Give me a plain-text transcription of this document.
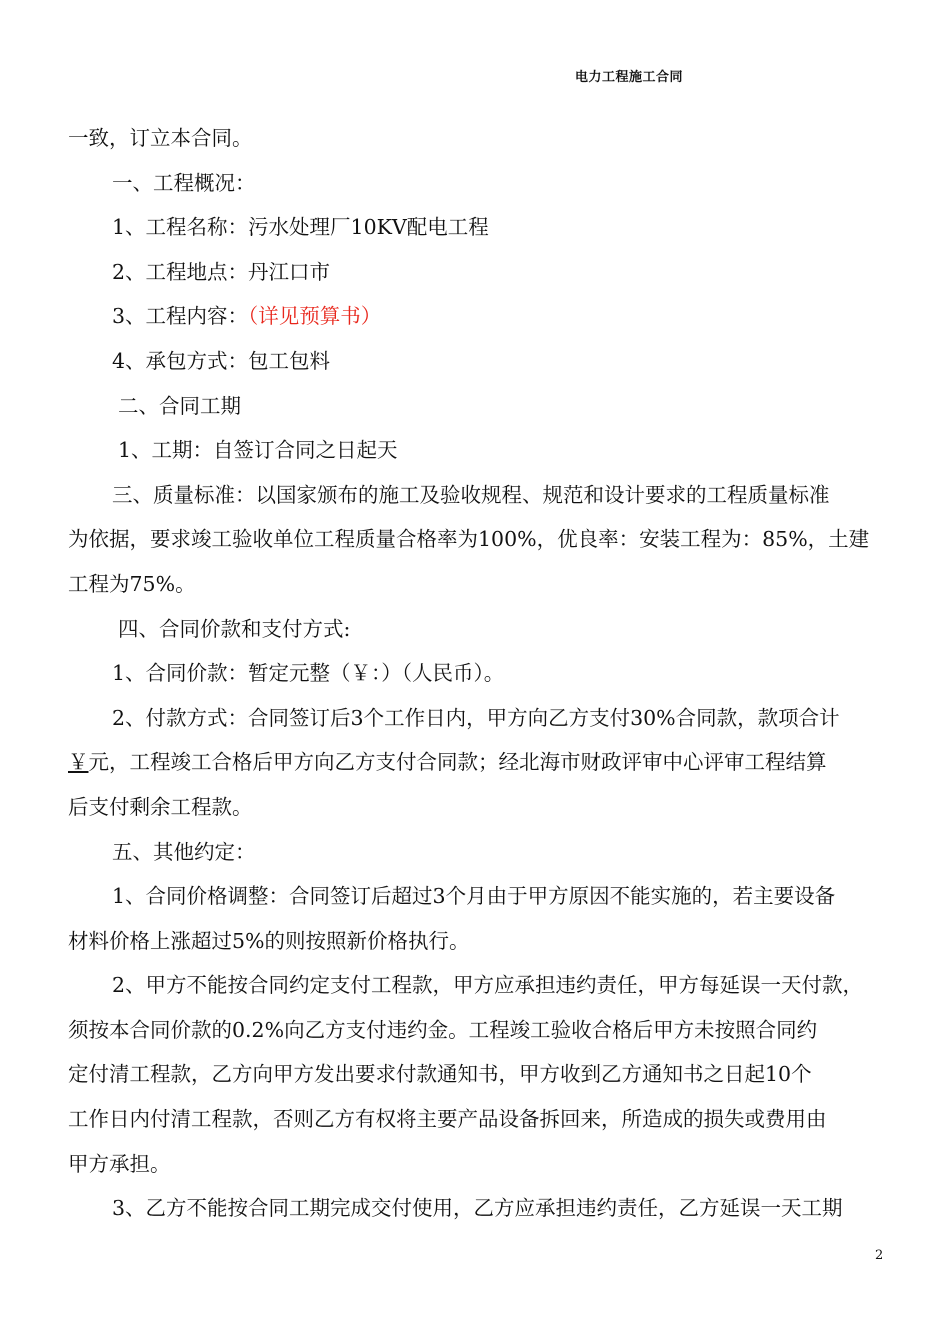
电力工程施工合同
一致，订立本合同。
一、工程概况：
1、工程名称：污水处理厂10KV配电工程
2、工程地点：丹江口市
3、工程内容：（详见预算书）
4、承包方式：包工包料
二、合同工期
1、工期：自签订合同之日起天
三、质量标准：以国家颁布的施工及验收规程、规范和设计要求的工程质量标准
为依据，要求竣工验收单位工程质量合格率为100%，优良率：安装工程为：85%，土建
工程为75%。
四、合同价款和支付方式:
1、合同价款：暂定元整（￥：）（人民币）。
2、付款方式：合同签订后3个工作日内，甲方向乙方支付30%合同款，款项合计
￥元，工程竣工合格后甲方向乙方支付合同款；经北海市财政评审中心评审工程结算
后支付剩余工程款。
五、其他约定：
1、合同价格调整：合同签订后超过3个月由于甲方原因不能实施的，若主要设备
材料价格上涨超过5%的则按照新价格执行。
2、甲方不能按合同约定支付工程款，甲方应承担违约责任，甲方每延误一天付款，
须按本合同价款的0.2%向乙方支付违约金。工程竣工验收合格后甲方未按照合同约
定付清工程款，乙方向甲方发出要求付款通知书，甲方收到乙方通知书之日起10个
工作日内付清工程款，否则乙方有权将主要产品设备拆回来，所造成的损失或费用由
甲方承担。
3、乙方不能按合同工期完成交付使用，乙方应承担违约责任，乙方延误一天工期
2
